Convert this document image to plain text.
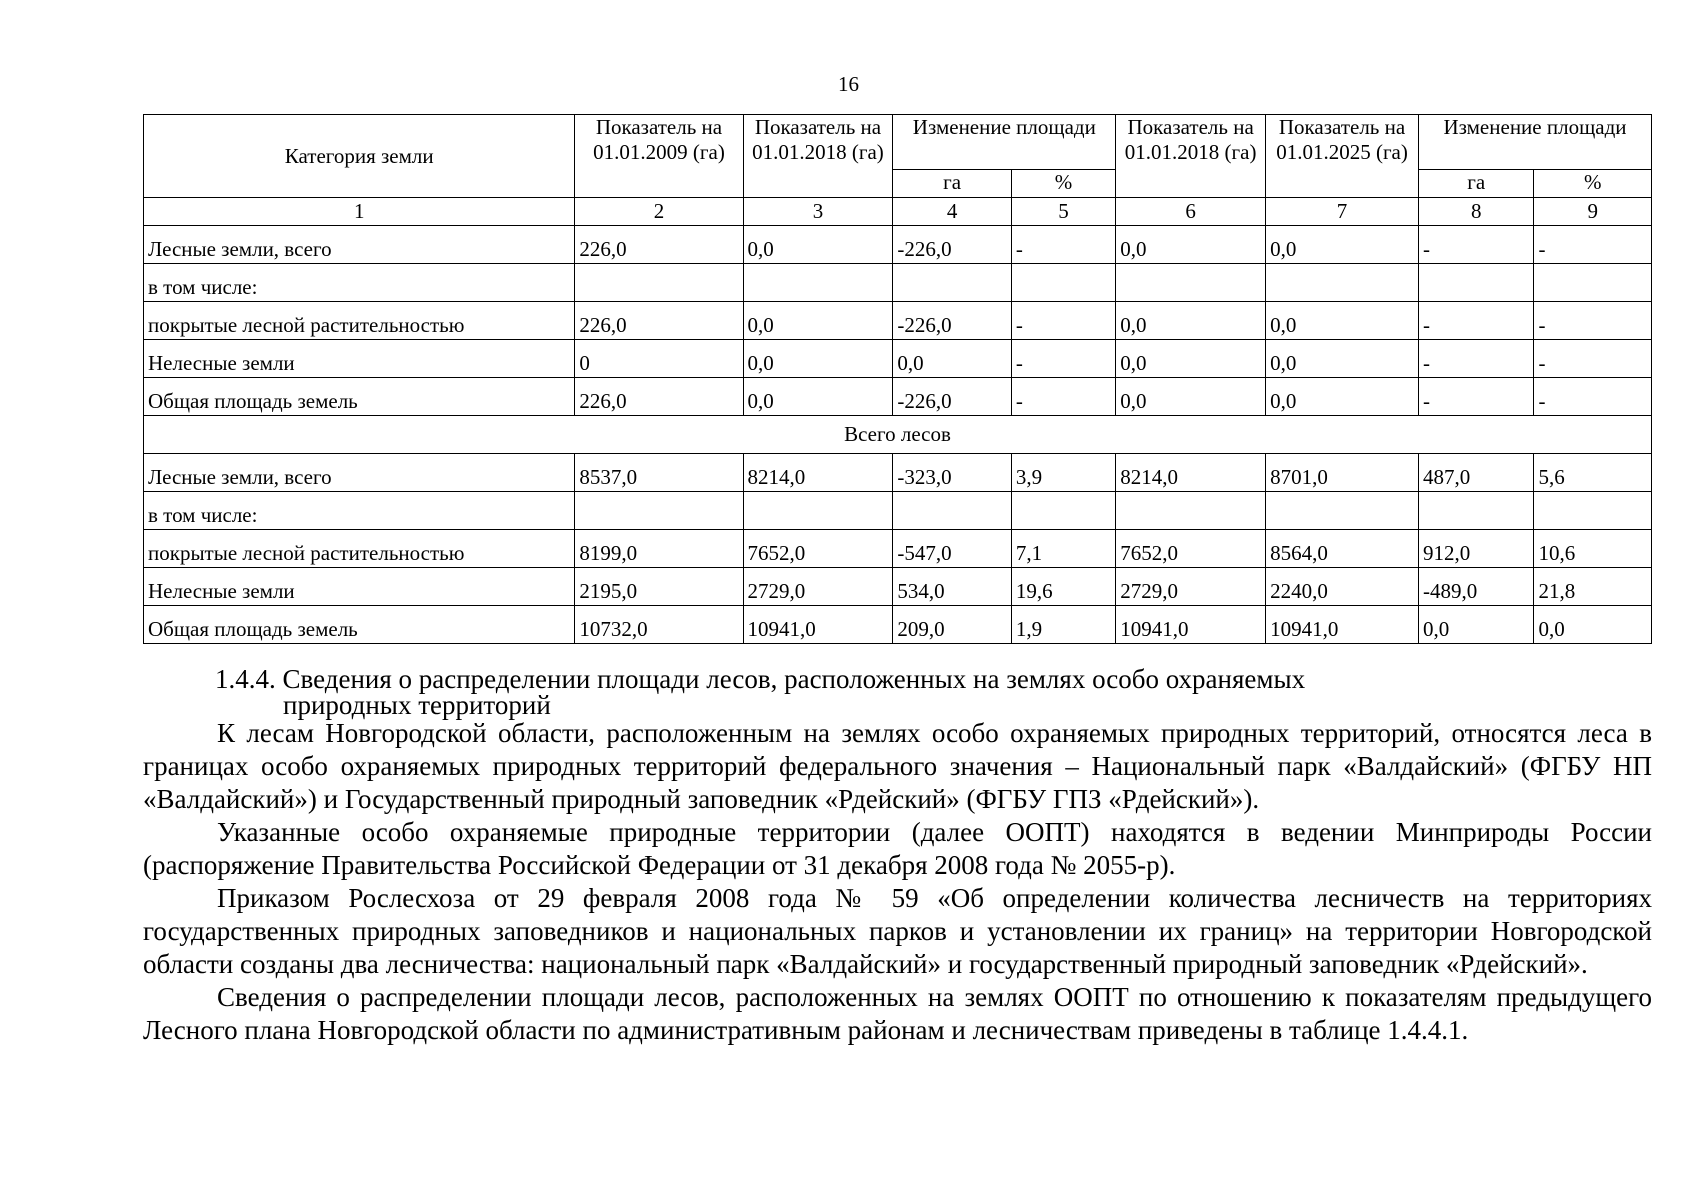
16
Категория земли	Показатель на 01.01.2009 (га)	Показатель на 01.01.2018 (га)	Изменение площади		Показатель на 01.01.2018 (га)	Показатель на 01.01.2025 (га)	Изменение площади	
			га	%			га	%
1	2	3	4	5	6	7	8	9
Лесные земли, всего	226,0	0,0	-226,0	-	0,0	0,0	-	-
в том числе:								
покрытые лесной растительностью	226,0	0,0	-226,0	-	0,0	0,0	-	-
Нелесные земли	0	0,0	0,0	-	0,0	0,0	-	-
Общая площадь земель	226,0	0,0	-226,0	-	0,0	0,0	-	-
Всего лесов								
Лесные земли, всего	8537,0	8214,0	-323,0	3,9	8214,0	8701,0	487,0	5,6
в том числе:								
покрытые лесной растительностью	8199,0	7652,0	-547,0	7,1	7652,0	8564,0	912,0	10,6
Нелесные земли	2195,0	2729,0	534,0	19,6	2729,0	2240,0	-489,0	21,8
Общая площадь земель	10732,0	10941,0	209,0	1,9	10941,0	10941,0	0,0	0,0
1.4.4. Сведения о распределении площади лесов, расположенных на землях особо охраняемых
природных территорий

К лесам Новгородской области, расположенным на землях особо охраняемых природных территорий, относятся леса в границах особо охраняемых природных территорий федерального значения – Национальный парк «Валдайский» (ФГБУ НП «Валдайский») и Государственный природный заповедник «Рдейский» (ФГБУ ГПЗ «Рдейский»).

Указанные особо охраняемые природные территории (далее ООПТ) находятся в ведении Минприроды России (распоряжение Правительства Российской Федерации от 31 декабря 2008 года № 2055-р).

Приказом Рослесхоза от 29 февраля 2008 года № 59 «Об определении количества лесничеств на территориях государственных природных заповедников и национальных парков и установлении их границ» на территории Новгородской области созданы два лесничества: национальный парк «Валдайский» и государственный природный заповедник «Рдейский».

Сведения о распределении площади лесов, расположенных на землях ООПТ по отношению к показателям предыдущего Лесного плана Новгородской области по административным районам и лесничествам приведены в таблице 1.4.4.1.
